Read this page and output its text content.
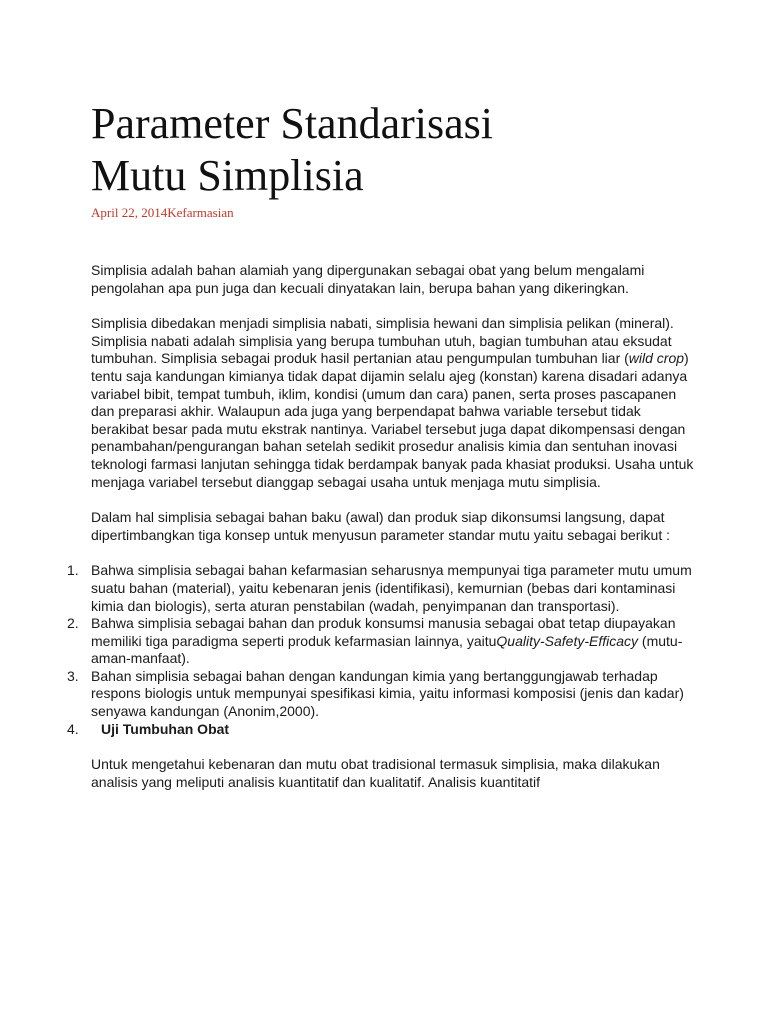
Parameter Standarisasi
Mutu Simplisia
April 22, 2014Kefarmasian

Simplisia adalah bahan alamiah yang dipergunakan sebagai obat yang belum mengalami pengolahan apa pun juga dan kecuali dinyatakan lain, berupa bahan yang dikeringkan.

Simplisia dibedakan menjadi simplisia nabati, simplisia hewani dan simplisia pelikan (mineral). Simplisia nabati adalah simplisia yang berupa tumbuhan utuh, bagian tumbuhan atau eksudat tumbuhan. Simplisia sebagai produk hasil pertanian atau pengumpulan tumbuhan liar (wild crop) tentu saja kandungan kimianya tidak dapat dijamin selalu ajeg (konstan) karena disadari adanya variabel bibit, tempat tumbuh, iklim, kondisi (umum dan cara) panen, serta proses pascapanen dan preparasi akhir. Walaupun ada juga yang berpendapat bahwa variable tersebut tidak berakibat besar pada mutu ekstrak nantinya. Variabel tersebut juga dapat dikompensasi dengan penambahan/pengurangan bahan setelah sedikit prosedur analisis kimia dan sentuhan inovasi teknologi farmasi lanjutan sehingga tidak berdampak banyak pada khasiat produksi. Usaha untuk menjaga variabel tersebut dianggap sebagai usaha untuk menjaga mutu simplisia.

Dalam hal simplisia sebagai bahan baku (awal) dan produk siap dikonsumsi langsung, dapat dipertimbangkan tiga konsep untuk menyusun parameter standar mutu yaitu sebagai berikut :

1. Bahwa simplisia sebagai bahan kefarmasian seharusnya mempunyai tiga parameter mutu umum suatu bahan (material), yaitu kebenaran jenis (identifikasi), kemurnian (bebas dari kontaminasi kimia dan biologis), serta aturan penstabilan (wadah, penyimpanan dan transportasi).
2. Bahwa simplisia sebagai bahan dan produk konsumsi manusia sebagai obat tetap diupayakan memiliki tiga paradigma seperti produk kefarmasian lainnya, yaituQuality-Safety-Efficacy (mutu-aman-manfaat).
3. Bahan simplisia sebagai bahan dengan kandungan kimia yang bertanggungjawab terhadap respons biologis untuk mempunyai spesifikasi kimia, yaitu informasi komposisi (jenis dan kadar) senyawa kandungan (Anonim,2000).
4. Uji Tumbuhan Obat

Untuk mengetahui kebenaran dan mutu obat tradisional termasuk simplisia, maka dilakukan analisis yang meliputi analisis kuantitatif dan kualitatif. Analisis kuantitatif
